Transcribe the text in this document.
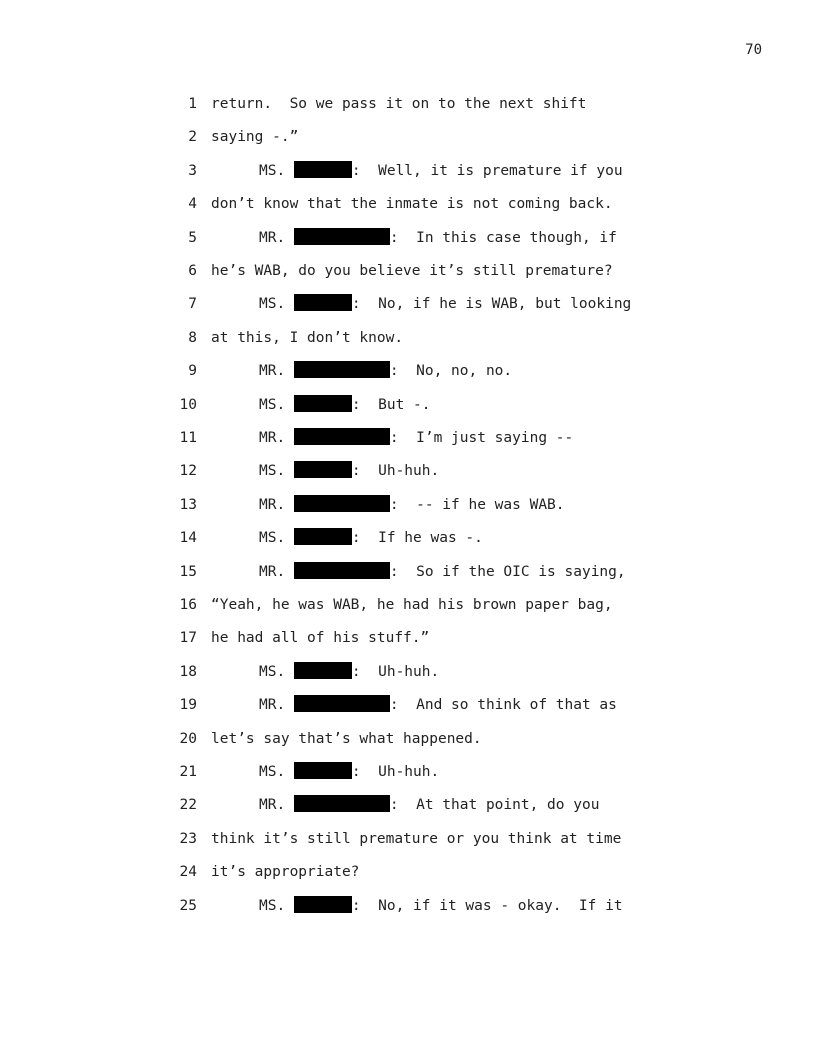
70
1 return.  So we pass it on to the next shift
2 saying -.”
3	MS.	:  Well, it is premature if you
4 don’t know that the inmate is not coming back.
5	MR.	:  In this case though, if
6 he’s WAB, do you believe it’s still premature?
7	MS.	:  No, if he is WAB, but looking
8 at this, I don’t know.
9	MR.	:  No, no, no.
10	MS.	:  But -.
11	MR.	:  I’m just saying --
12	MS.	:  Uh-huh.
13	MR.	:  -- if he was WAB.
14	MS.	:  If he was -.
15	MR.	:  So if the OIC is saying,
16 “Yeah, he was WAB, he had his brown paper bag,
17 he had all of his stuff.”
18	MS.	:  Uh-huh.
19	MR.	:  And so think of that as
20 let’s say that’s what happened.
21	MS.	:  Uh-huh.
22	MR.	:  At that point, do you
23 think it’s still premature or you think at time
24 it’s appropriate?
25	MS.	:  No, if it was - okay.  If it
